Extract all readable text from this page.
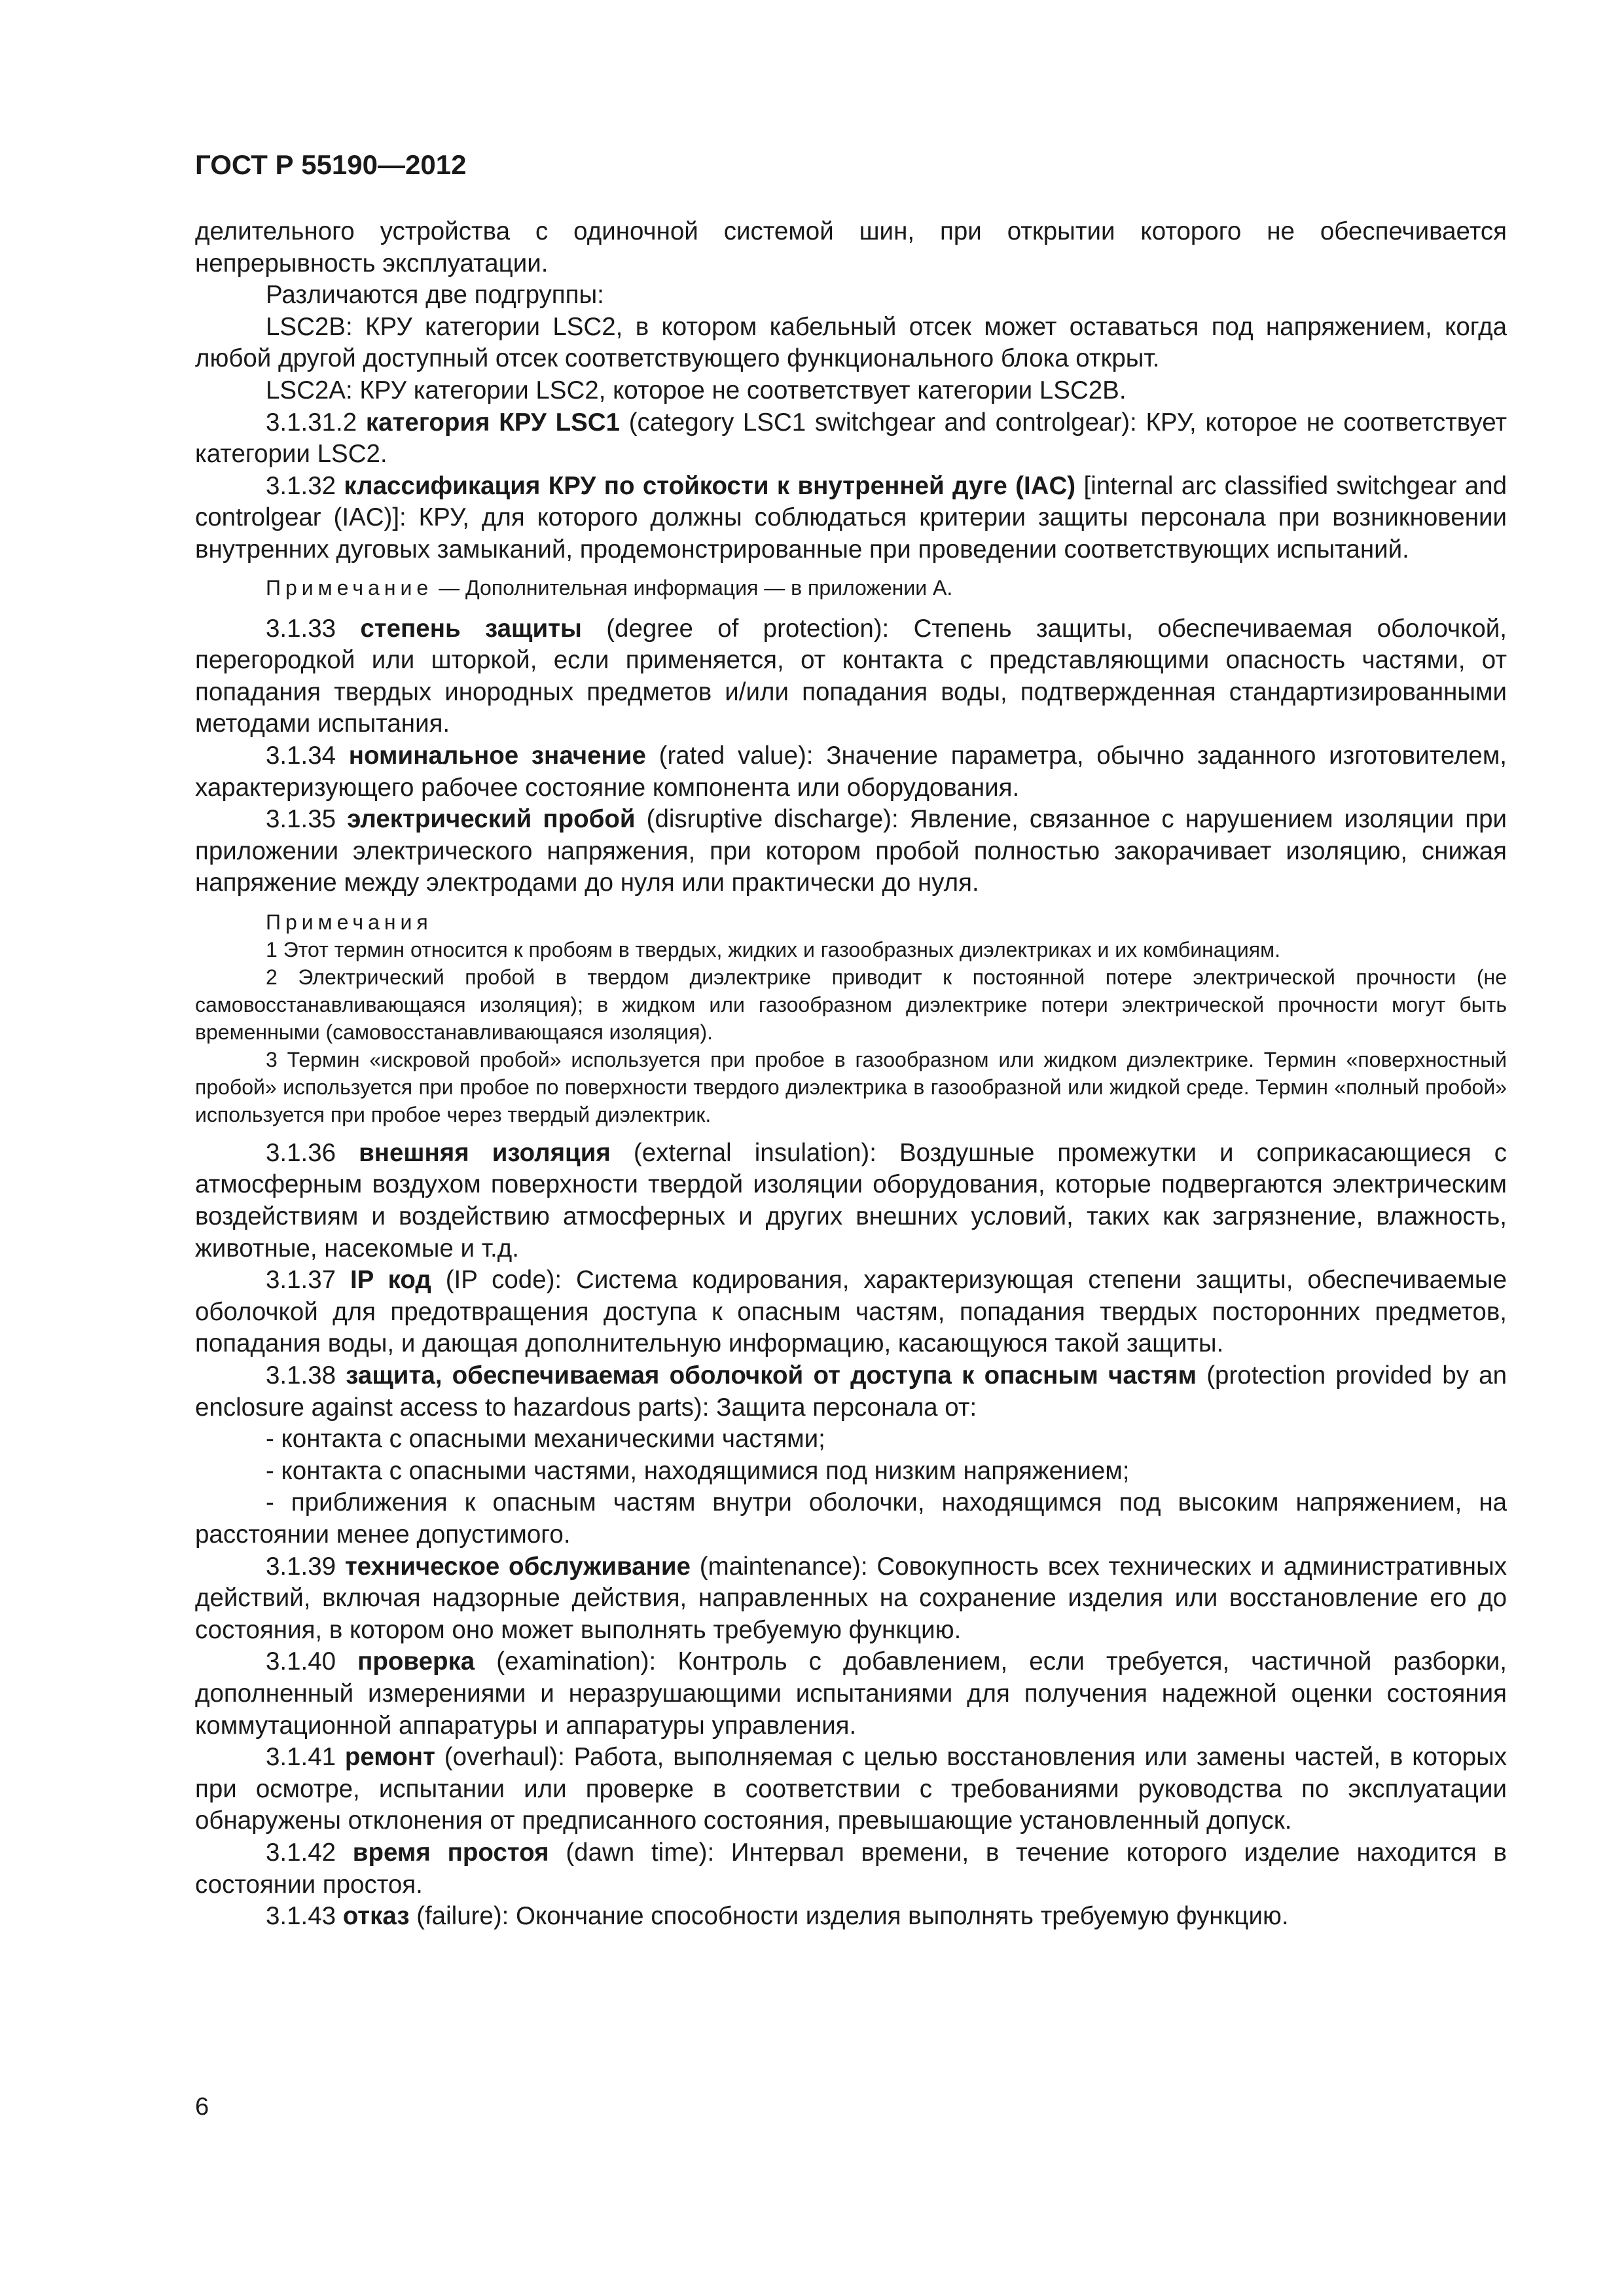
ГОСТ Р 55190—2012

делительного устройства с одиночной системой шин, при открытии которого не обеспечивается непрерывность эксплуатации.

Различаются две подгруппы:

LSC2B: КРУ категории LSC2, в котором кабельный отсек может оставаться под напряжением, когда любой другой доступный отсек соответствующего функционального блока открыт.

LSC2A: КРУ категории LSC2, которое не соответствует категории LSC2B.

3.1.31.2 категория КРУ LSC1 (category LSC1 switchgear and controlgear): КРУ, которое не соответствует категории LSC2.

3.1.32 классификация КРУ по стойкости к внутренней дуге (IAC) [internal arc classified switchgear and controlgear (IAC)]: КРУ, для которого должны соблюдаться критерии защиты персонала при возникновении внутренних дуговых замыканий, продемонстрированные при проведении соответствующих испытаний.

Примечание — Дополнительная информация — в приложении А.

3.1.33 степень защиты (degree of protection): Степень защиты, обеспечиваемая оболочкой, перегородкой или шторкой, если применяется, от контакта с представляющими опасность частями, от попадания твердых инородных предметов и/или попадания воды, подтвержденная стандартизированными методами испытания.

3.1.34 номинальное значение (rated value): Значение параметра, обычно заданного изготовителем, характеризующего рабочее состояние компонента или оборудования.

3.1.35 электрический пробой (disruptive discharge): Явление, связанное с нарушением изоляции при приложении электрического напряжения, при котором пробой полностью закорачивает изоляцию, снижая напряжение между электродами до нуля или практически до нуля.

Примечания

1 Этот термин относится к пробоям в твердых, жидких и газообразных диэлектриках и их комбинациям.

2 Электрический пробой в твердом диэлектрике приводит к постоянной потере электрической прочности (не самовосстанавливающаяся изоляция); в жидком или газообразном диэлектрике потери электрической прочности могут быть временными (самовосстанавливающаяся изоляция).

3 Термин «искровой пробой» используется при пробое в газообразном или жидком диэлектрике. Термин «поверхностный пробой» используется при пробое по поверхности твердого диэлектрика в газообразной или жидкой среде. Термин «полный пробой» используется при пробое через твердый диэлектрик.

3.1.36 внешняя изоляция (external insulation): Воздушные промежутки и соприкасающиеся с атмосферным воздухом поверхности твердой изоляции оборудования, которые подвергаются электрическим воздействиям и воздействию атмосферных и других внешних условий, таких как загрязнение, влажность, животные, насекомые и т.д.

3.1.37 IP код (IP code): Система кодирования, характеризующая степени защиты, обеспечиваемые оболочкой для предотвращения доступа к опасным частям, попадания твердых посторонних предметов, попадания воды, и дающая дополнительную информацию, касающуюся такой защиты.

3.1.38 защита, обеспечиваемая оболочкой от доступа к опасным частям (protection provided by an enclosure against access to hazardous parts): Защита персонала от:

- контакта с опасными механическими частями;

- контакта с опасными частями, находящимися под низким напряжением;

- приближения к опасным частям внутри оболочки, находящимся под высоким напряжением, на расстоянии менее допустимого.

3.1.39 техническое обслуживание (maintenance): Совокупность всех технических и административных действий, включая надзорные действия, направленных на сохранение изделия или восстановление его до состояния, в котором оно может выполнять требуемую функцию.

3.1.40 проверка (examination): Контроль с добавлением, если требуется, частичной разборки, дополненный измерениями и неразрушающими испытаниями для получения надежной оценки состояния коммутационной аппаратуры и аппаратуры управления.

3.1.41 ремонт (overhaul): Работа, выполняемая с целью восстановления или замены частей, в которых при осмотре, испытании или проверке в соответствии с требованиями руководства по эксплуатации обнаружены отклонения от предписанного состояния, превышающие установленный допуск.

3.1.42 время простоя (dawn time): Интервал времени, в течение которого изделие находится в состоянии простоя.

3.1.43 отказ (failure): Окончание способности изделия выполнять требуемую функцию.

6
